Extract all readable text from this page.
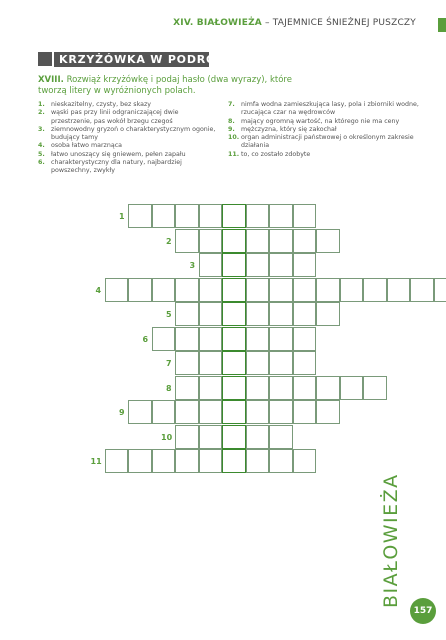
XIV. BIAŁOWIEŻA – TAJEMNICE ŚNIEŻNEJ PUSZCZY
KRZYŻÓWKA W PODRÓŻY
XVIII. Rozwiąż krzyżówkę i podaj hasło (dwa wyrazy), które tworzą litery w wyróżnionych polach.
1. nieskazitelny, czysty, bez skazy
2. wąski pas przy linii odgraniczającej dwie przestrzenie, pas wokół brzegu czegoś
3. ziemnowodny gryzoń o charakterystycznym ogonie, budujący tamy
4. osoba łatwo marznąca
5. łatwo unoszący się gniewem, pełen zapału
6. charakterystyczny dla natury, najbardziej powszechny, zwykły
7. nimfa wodna zamieszkująca lasy, pola i zbiorniki wodne, rzucająca czar na wędrowców
8. mający ogromną wartość, na którego nie ma ceny
9. mężczyzna, który się zakochał
10. organ administracji państwowej o określonym zakresie działania
11. to, co zostało zdobyte
1
2
3
4
5
6
7
8
9
10
11
BIAŁOWIEŻA
157
